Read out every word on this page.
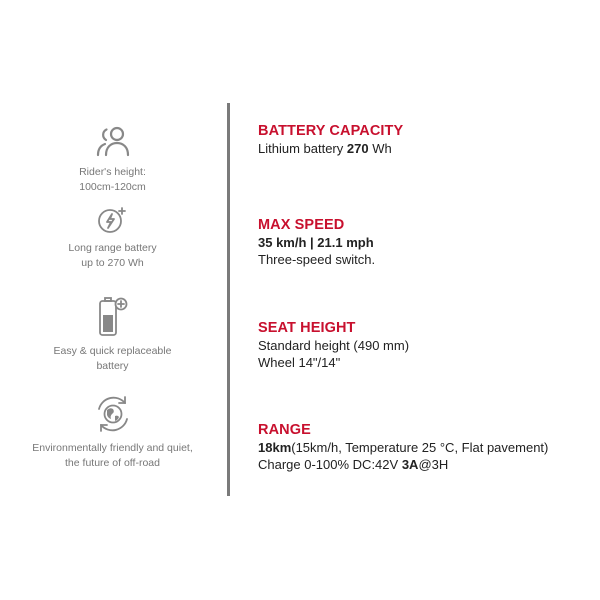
Rider's height:
100cm-120cm
Long range battery
up to 270 Wh
Easy & quick replaceable
battery
Environmentally friendly and quiet,
the future of off-road
BATTERY CAPACITY
Lithium battery 270 Wh
MAX SPEED
35 km/h | 21.1 mph
Three-speed switch.
SEAT HEIGHT
Standard height (490 mm)
Wheel 14"/14"
RANGE
18km(15km/h, Temperature 25 °C, Flat pavement)
Charge 0-100% DC:42V 3A@3H
